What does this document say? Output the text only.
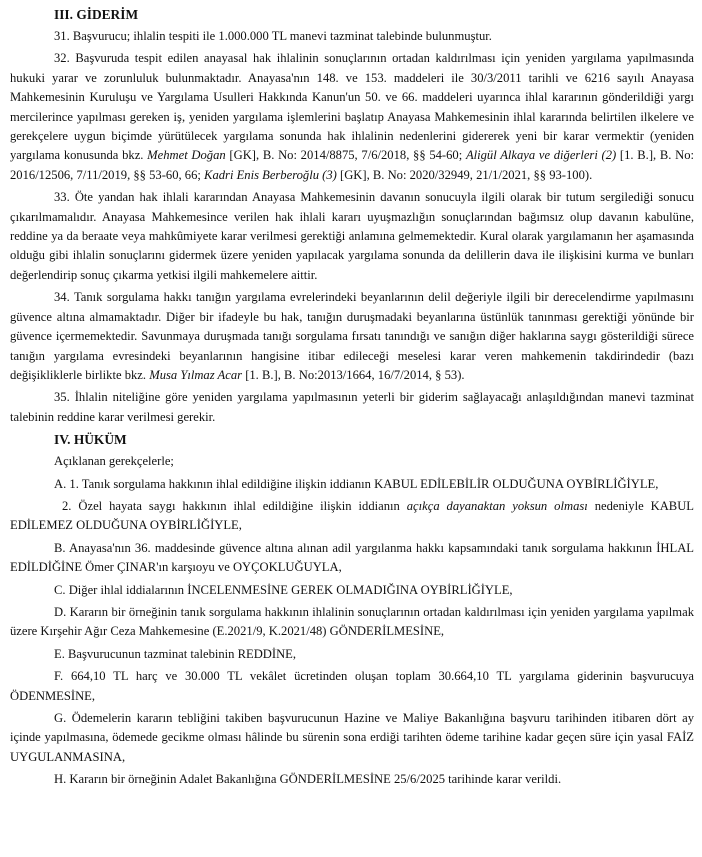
III. GİDERİM

31. Başvurucu; ihlalin tespiti ile 1.000.000 TL manevi tazminat talebinde bulunmuştur.

32. Başvuruda tespit edilen anayasal hak ihlalinin sonuçlarının ortadan kaldırılması için yeniden yargılama yapılmasında hukuki yarar ve zorunluluk bulunmaktadır. Anayasa'nın 148. ve 153. maddeleri ile 30/3/2011 tarihli ve 6216 sayılı Anayasa Mahkemesinin Kuruluşu ve Yargılama Usulleri Hakkında Kanun'un 50. ve 66. maddeleri uyarınca ihlal kararının gönderildiği yargı mercilerince yapılması gereken iş, yeniden yargılama işlemlerini başlatıp Anayasa Mahkemesinin ihlal kararında belirtilen ilkelere ve gerekçelere uygun biçimde yürütülecek yargılama sonunda hak ihlalinin nedenlerini gidererek yeni bir karar vermektir (yeniden yargılama konusunda bkz. Mehmet Doğan [GK], B. No: 2014/8875, 7/6/2018, §§ 54-60; Aligül Alkaya ve diğerleri (2) [1. B.], B. No: 2016/12506, 7/11/2019, §§ 53-60, 66; Kadri Enis Berberoğlu (3) [GK], B. No: 2020/32949, 21/1/2021, §§ 93-100).

33. Öte yandan hak ihlali kararından Anayasa Mahkemesinin davanın sonucuyla ilgili olarak bir tutum sergilediği sonucu çıkarılmamalıdır. Anayasa Mahkemesince verilen hak ihlali kararı uyuşmazlığın sonuçlarından bağımsız olup davanın kabulüne, reddine ya da beraate veya mahkûmiyete karar verilmesi gerektiği anlamına gelmemektedir. Kural olarak yargılamanın her aşamasında olduğu gibi ihlalin sonuçlarını gidermek üzere yeniden yapılacak yargılama sonunda da delillerin dava ile ilişkisini kurma ve bunları değerlendirip sonuç çıkarma yetkisi ilgili mahkemelere aittir.

34. Tanık sorgulama hakkı tanığın yargılama evrelerindeki beyanlarının delil değeriyle ilgili bir derecelendirme yapılmasını güvence altına almamaktadır. Diğer bir ifadeyle bu hak, tanığın duruşmadaki beyanlarına üstünlük tanınması gerektiği yönünde bir güvence içermemektedir. Savunmaya duruşmada tanığı sorgulama fırsatı tanındığı ve sanığın diğer haklarına saygı gösterildiği sürece tanığın yargılama evresindeki beyanlarının hangisine itibar edileceği meselesi karar veren mahkemenin takdirindedir (bazı değişikliklerle birlikte bkz. Musa Yılmaz Acar [1. B.], B. No:2013/1664, 16/7/2014, § 53).

35. İhlalin niteliğine göre yeniden yargılama yapılmasının yeterli bir giderim sağlayacağı anlaşıldığından manevi tazminat talebinin reddine karar verilmesi gerekir.

IV. HÜKÜM

Açıklanan gerekçelerle;

A. 1. Tanık sorgulama hakkının ihlal edildiğine ilişkin iddianın KABUL EDİLEBİLİR OLDUĞUNA OYBİRLİĞİYLE,

2. Özel hayata saygı hakkının ihlal edildiğine ilişkin iddianın açıkça dayanaktan yoksun olması nedeniyle KABUL EDİLEMEZ OLDUĞUNA OYBİRLİĞİYLE,

B. Anayasa'nın 36. maddesinde güvence altına alınan adil yargılanma hakkı kapsamındaki tanık sorgulama hakkının İHLAL EDİLDİĞİNE Ömer ÇINAR'ın karşıoyu ve OYÇOKLUĞUYLA,

C. Diğer ihlal iddialarının İNCELENMESİNE GEREK OLMADIĞINA OYBİRLİĞİYLE,

D. Kararın bir örneğinin tanık sorgulama hakkının ihlalinin sonuçlarının ortadan kaldırılması için yeniden yargılama yapılmak üzere Kırşehir Ağır Ceza Mahkemesine (E.2021/9, K.2021/48) GÖNDERİLMESİNE,

E. Başvurucunun tazminat talebinin REDDİNE,

F. 664,10 TL harç ve 30.000 TL vekâlet ücretinden oluşan toplam 30.664,10 TL yargılama giderinin başvurucuya ÖDENMESİNE,

G. Ödemelerin kararın tebliğini takiben başvurucunun Hazine ve Maliye Bakanlığına başvuru tarihinden itibaren dört ay içinde yapılmasına, ödemede gecikme olması hâlinde bu sürenin sona erdiği tarihten ödeme tarihine kadar geçen süre için yasal FAİZ UYGULANMASINA,

H. Kararın bir örneğinin Adalet Bakanlığına GÖNDERİLMESİNE 25/6/2025 tarihinde karar verildi.
